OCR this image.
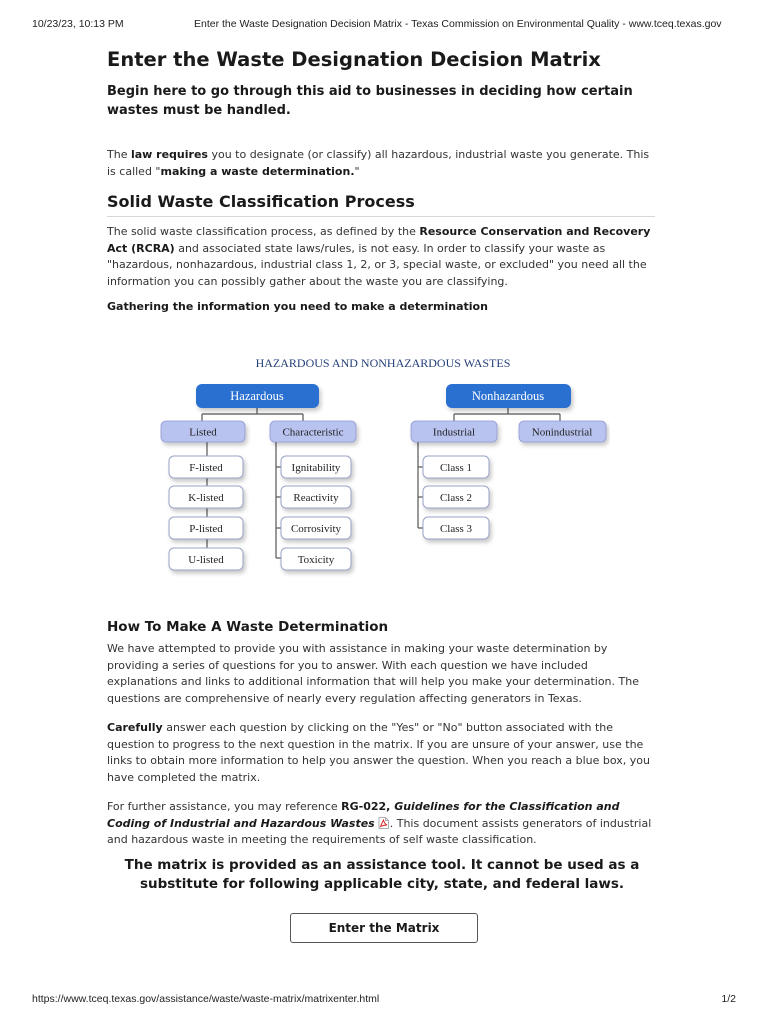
10/23/23, 10:13 PM	Enter the Waste Designation Decision Matrix - Texas Commission on Environmental Quality - www.tceq.texas.gov
Enter the Waste Designation Decision Matrix

Begin here to go through this aid to businesses in deciding how certain wastes must be handled.

The law requires you to designate (or classify) all hazardous, industrial waste you generate. This is called "making a waste determination."

Solid Waste Classification Process

The solid waste classification process, as defined by the Resource Conservation and Recovery Act (RCRA) and associated state laws/rules, is not easy. In order to classify your waste as "hazardous, nonhazardous, industrial class 1, 2, or 3, special waste, or excluded" you need all the information you can possibly gather about the waste you are classifying.

Gathering the information you need to make a determination

HAZARDOUS AND NONHAZARDOUS WASTES
Hazardous	Nonhazardous
Listed	Characteristic	Industrial	Nonindustrial
F-listed
K-listed
P-listed
U-listed
Ignitability
Reactivity
Corrosivity
Toxicity
Class 1
Class 2
Class 3
How To Make A Waste Determination

We have attempted to provide you with assistance in making your waste determination by providing a series of questions for you to answer. With each question we have included explanations and links to additional information that will help you make your determination. The questions are comprehensive of nearly every regulation affecting generators in Texas.

Carefully answer each question by clicking on the "Yes" or "No" button associated with the question to progress to the next question in the matrix. If you are unsure of your answer, use the links to obtain more information to help you answer the question. When you reach a blue box, you have completed the matrix.

For further assistance, you may reference RG-022, Guidelines for the Classification and Coding of Industrial and Hazardous Wastes . This document assists generators of industrial and hazardous waste in meeting the requirements of self waste classification.

The matrix is provided as an assistance tool. It cannot be used as a substitute for following applicable city, state, and federal laws.
Enter the Matrix
https://www.tceq.texas.gov/assistance/waste/waste-matrix/matrixenter.html	1/2
